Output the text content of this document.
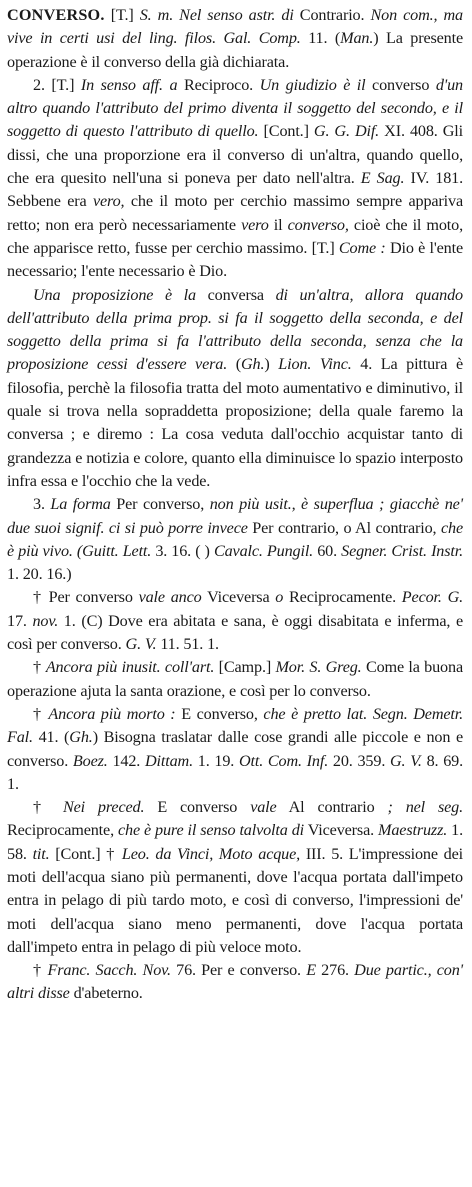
CONVERSO. [T.] S. m. Nel senso astr. di Contrario. Non com., ma vive in certi usi del ling. filos. Gal. Comp. 11. (Man.) La presente operazione è il converso della già dichiarata.

2. [T.] In senso aff. a Reciproco. Un giudizio è il converso d'un altro quando l'attributo del primo diventa il soggetto del secondo, e il soggetto di questo l'attributo di quello. [Cont.] G. G. Dif. XI. 408. Gli dissi, che una proporzione era il converso di un'altra, quando quello, che era quesito nell'una si poneva per dato nell'altra. E Sag. IV. 181. Sebbene era vero, che il moto per cerchio massimo sempre appariva retto; non era però necessariamente vero il converso, cioè che il moto, che apparisce retto, fusse per cerchio massimo. [T.] Come : Dio è l'ente necessario; l'ente necessario è Dio.

Una proposizione è la conversa di un'altra, allora quando dell'attributo della prima prop. si fa il soggetto della seconda, e del soggetto della prima si fa l'attributo della seconda, senza che la proposizione cessi d'essere vera. (Gh.) Lion. Vinc. 4. La pittura è filosofia, perchè la filosofia tratta del moto aumentativo e diminutivo, il quale si trova nella sopraddetta proposizione; della quale faremo la conversa ; e diremo : La cosa veduta dall'occhio acquistar tanto di grandezza e notizia e colore, quanto ella diminuisce lo spazio interposto infra essa e l'occhio che la vede.

3. La forma Per converso, non più usit., è superflua ; giacchè ne' due suoi signif. ci si può porre invece Per contrario, o Al contrario, che è più vivo. (Guitt. Lett. 3. 16. ( ) Cavalc. Pungil. 60. Segner. Crist. Instr. 1. 20. 16.)

† Per converso vale anco Viceversa o Reciprocamente. Pecor. G. 17. nov. 1. (C) Dove era abitata e sana, è oggi disabitata e inferma, e così per converso. G. V. 11. 51. 1.

† Ancora più inusit. coll'art. [Camp.] Mor. S. Greg. Come la buona operazione ajuta la santa orazione, e così per lo converso.

† Ancora più morto : E converso, che è pretto lat. Segn. Demetr. Fal. 41. (Gh.) Bisogna traslatar dalle cose grandi alle piccole e non e converso. Boez. 142. Dittam. 1. 19. Ott. Com. Inf. 20. 359. G. V. 8. 69. 1.

† Nei preced. E converso vale Al contrario ; nel seg. Reciprocamente, che è pure il senso talvolta di Viceversa. Maestruzz. 1. 58. tit. [Cont.] † Leo. da Vinci, Moto acque, III. 5. L'impressione dei moti dell'acqua siano più permanenti, dove l'acqua portata dall'impeto entra in pelago di più tardo moto, e così di converso, l'impressioni de' moti dell'acqua siano meno permanenti, dove l'acqua portata dall'impeto entra in pelago di più veloce moto.

† Franc. Sacch. Nov. 76. Per e converso. E 276. Due partic., con' altri disse d'abeterno.
